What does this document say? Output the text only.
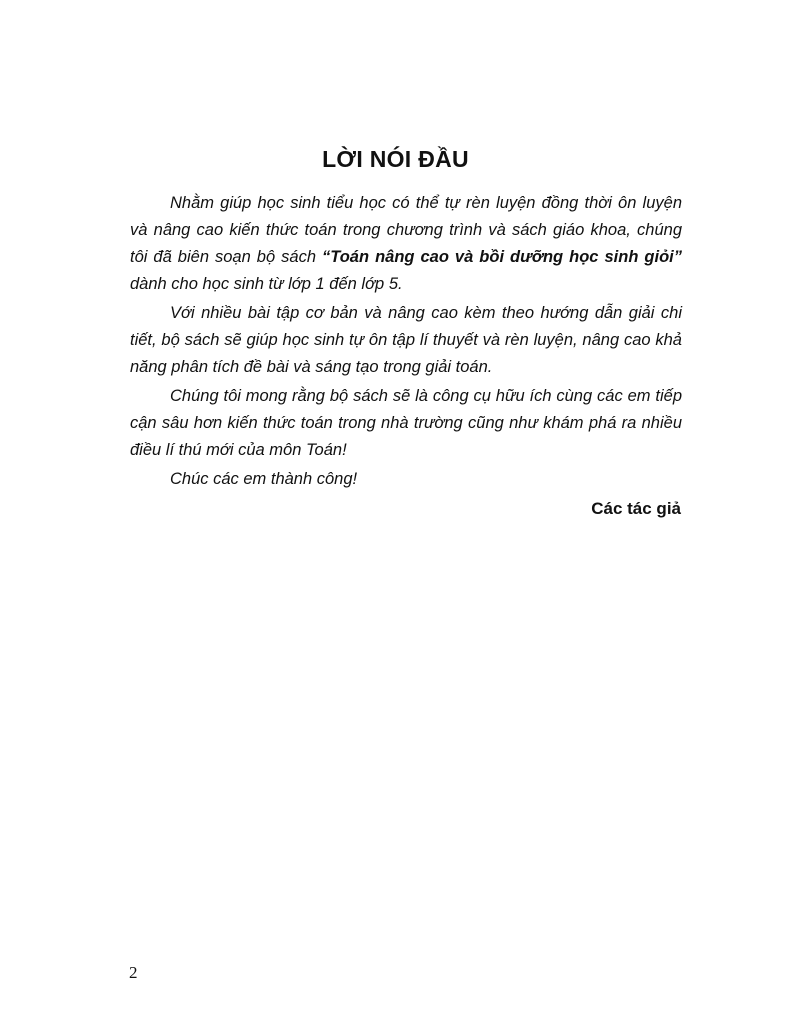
LỜI NÓI ĐẦU

Nhằm giúp học sinh tiểu học có thể tự rèn luyện đồng thời ôn luyện và nâng cao kiến thức toán trong chương trình và sách giáo khoa, chúng tôi đã biên soạn bộ sách “Toán nâng cao và bồi dưỡng học sinh giỏi” dành cho học sinh từ lớp 1 đến lớp 5.

Với nhiều bài tập cơ bản và nâng cao kèm theo hướng dẫn giải chi tiết, bộ sách sẽ giúp học sinh tự ôn tập lí thuyết và rèn luyện, nâng cao khả năng phân tích đề bài và sáng tạo trong giải toán.

Chúng tôi mong rằng bộ sách sẽ là công cụ hữu ích cùng các em tiếp cận sâu hơn kiến thức toán trong nhà trường cũng như khám phá ra nhiều điều lí thú mới của môn Toán!

Chúc các em thành công!

Các tác giả

2
